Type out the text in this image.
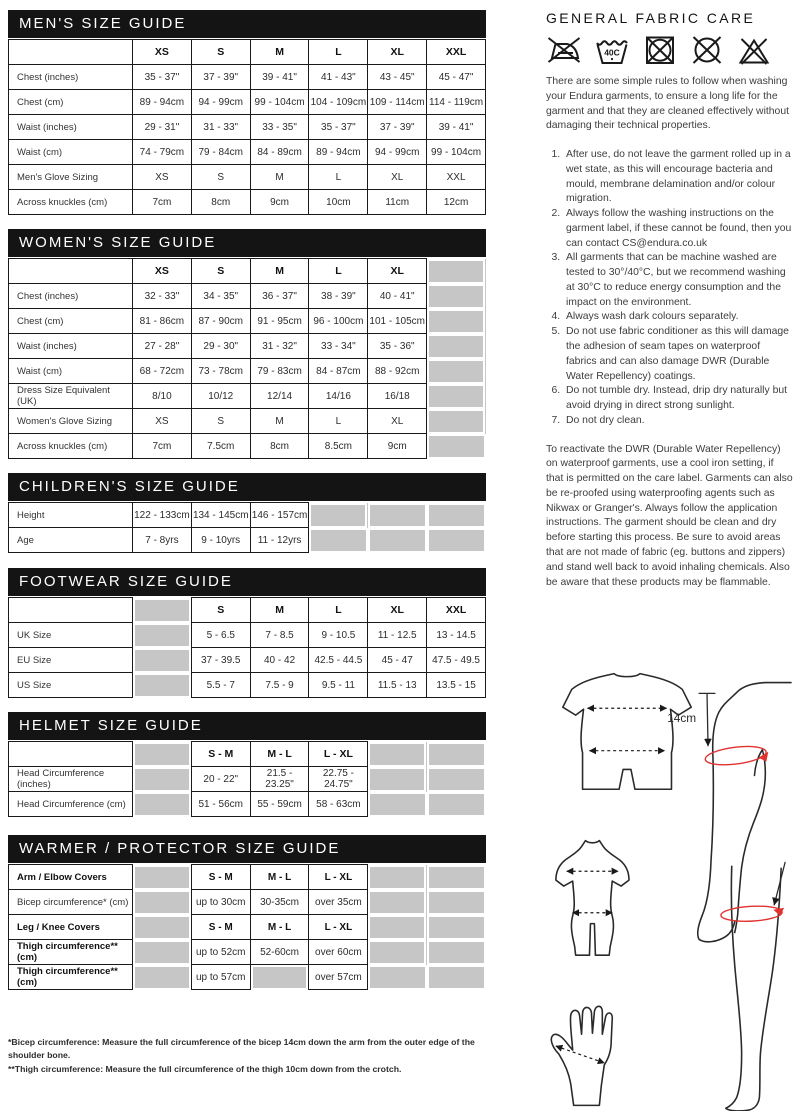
MEN'S SIZE GUIDE
	XS	S	M	L	XL	XXL
Chest (inches)	35 - 37"	37 - 39"	39 - 41"	41 - 43"	43 - 45"	45 - 47"
Chest (cm)	89 - 94cm	94 - 99cm	99 - 104cm	104 - 109cm	109 - 114cm	114 - 119cm
Waist (inches)	29 - 31"	31 - 33"	33 - 35"	35 - 37"	37 - 39"	39 - 41"
Waist (cm)	74 - 79cm	79 - 84cm	84 - 89cm	89 - 94cm	94 - 99cm	99 - 104cm
Men's Glove Sizing	XS	S	M	L	XL	XXL
Across knuckles (cm)	7cm	8cm	9cm	10cm	11cm	12cm
WOMEN'S SIZE GUIDE
	XS	S	M	L	XL	
Chest (inches)	32 - 33"	34 - 35"	36 - 37"	38 - 39"	40 - 41"	
Chest (cm)	81 - 86cm	87 - 90cm	91 - 95cm	96 - 100cm	101 - 105cm	
Waist (inches)	27 - 28"	29 - 30"	31 - 32"	33 - 34"	35 - 36"	
Waist (cm)	68 - 72cm	73 - 78cm	79 - 83cm	84 - 87cm	88 - 92cm	
Dress Size Equivalent (UK)	8/10	10/12	12/14	14/16	16/18	
Women's Glove Sizing	XS	S	M	L	XL	
Across knuckles (cm)	7cm	7.5cm	8cm	8.5cm	9cm	
CHILDREN'S SIZE GUIDE
Height	122 - 133cm	134 - 145cm	146 - 157cm			
Age	7 - 8yrs	9 - 10yrs	11 - 12yrs			
FOOTWEAR SIZE GUIDE
		S	M	L	XL	XXL
UK Size		5 - 6.5	7 - 8.5	9 - 10.5	11 - 12.5	13 - 14.5
EU Size		37 - 39.5	40 - 42	42.5 - 44.5	45 - 47	47.5 - 49.5
US Size		5.5 - 7	7.5 - 9	9.5 - 11	11.5 - 13	13.5 - 15
HELMET SIZE GUIDE
		S - M	M - L	L - XL		
Head Circumference (inches)		20 - 22"	21.5 - 23.25"	22.75 - 24.75"		
Head Circumference (cm)		51 - 56cm	55 - 59cm	58 - 63cm		
WARMER / PROTECTOR SIZE GUIDE
Arm / Elbow Covers		S - M	M - L	L - XL		
Bicep circumference* (cm)		up to 30cm	30-35cm	over 35cm		
Leg / Knee Covers		S - M	M - L	L - XL		
Thigh circumference** (cm)		up to 52cm	52-60cm	over 60cm		
Thigh circumference** (cm)		up to 57cm		over 57cm		
*Bicep circumference: Measure the full circumference of the bicep 14cm down the arm from the outer edge of the shoulder bone.
**Thigh circumference: Measure the full circumference of the thigh 10cm down from the crotch.
GENERAL FABRIC CARE
40C

There are some simple rules to follow when washing your Endura garments, to ensure a long life for the garment and that they are cleaned effectively without damaging their technical properties.

1. After use, do not leave the garment rolled up in a wet state, as this will encourage bacteria and mould, membrane delamination and/or colour migration.
2. Always follow the washing instructions on the garment label, if these cannot be found, then you can contact CS@endura.co.uk
3. All garments that can be machine washed are tested to 30°/40°C, but we recommend washing at 30°C to reduce energy consumption and the impact on the environment.
4. Always wash dark colours separately.
5. Do not use fabric conditioner as this will damage the adhesion of seam tapes on waterproof fabrics and can also damage DWR (Durable Water Repellency) coatings.
6. Do not tumble dry. Instead, drip dry naturally but avoid drying in direct strong sunlight.
7. Do not dry clean.

To reactivate the DWR (Durable Water Repellency) on waterproof garments, use a cool iron setting, if that is permitted on the care label. Garments can also be re-proofed using waterproofing agents such as Nikwax or Granger's. Always follow the application instructions. The garment should be clean and dry before starting this process. Be sure to avoid areas that are not made of fabric (eg. buttons and zippers) and stand well back to avoid inhaling chemicals. Also be aware that these products may be flammable.

14cm
